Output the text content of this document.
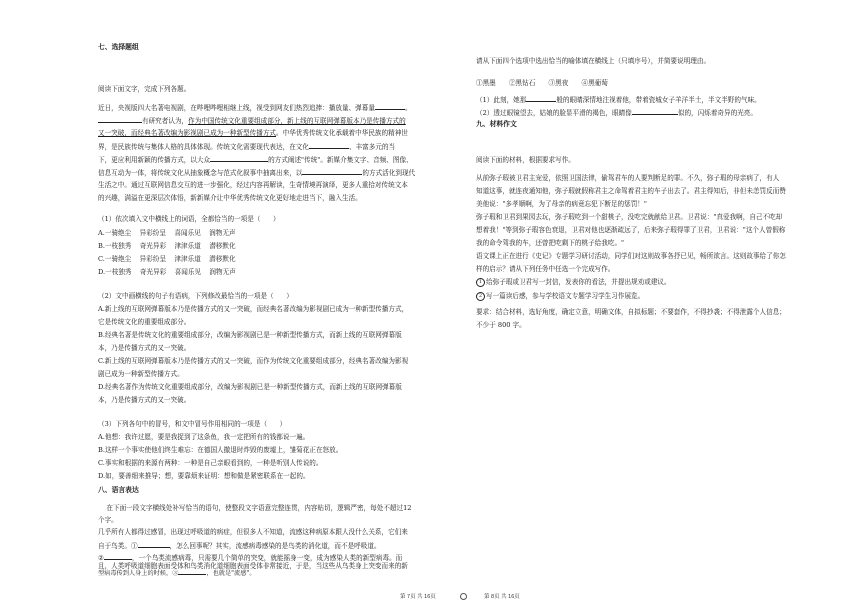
七、选择题组
阅读下面文字，完成下列各题。
近日，央视版四大名著电视剧，在哔哩哔哩相继上线，视受到网友们热烈追捧：播放量、弹幕量	。
有研究者认为，作为中国传统文化重要组成部分，新上线的互联网弹幕版本乃是传播方式的
又一突破，而经典名著改编为影视剧已成为一种新型传播方式。中华优秀传统文化承载着中华民族的精神世
界，是民族传统与集体人格的具体体现。传统文化需要现代表达，在文化	、丰富多元的当
下，更应利用新颖的传播方式，以大众	的方式阐述"传统"。新媒介集文字、音频、图像、
信息互动为一体，将传统文化从抽象概念与范式化叙事中抽离出来，以	的方式活化到现代
生活之中。通过互联网信息交互的进一步强化，经过内容再解读，生奇情境再演绎，更多人重拾对传统文本
的兴趣，满溢在更深层次体悟，新新媒介让中华优秀传统文化更好地走进当下，融入生活。
（1）依次填入文中横线上的词语，全都恰当的一项是（      ）
A.一骑绝尘    异彩纷呈    喜闻乐见    润物无声
B.一枝独秀    奇光异彩    津津乐道    潜移默化
C.一骑绝尘    异彩纷呈    津津乐道    潜移默化
D.一枝独秀    奇光异彩    喜闻乐见    润物无声
（2）文中画横线的句子有语病，下列修改最恰当的一项是（      ）
A.新上线的互联网弹幕版本乃是传播方式的又一突破，而经典名著改编为影视剧已成为一种新型传播方式，
它是传统文化的重要组成部分。
B.经典名著是传统文化的重要组成部分，改编为影视剧已是一种新型传播方式，而新上线的互联网弹幕版
本，乃是传播方式的又一突破。
C.新上线的互联网弹幕版本乃是传播方式的又一突破，而作为传统文化重要组成部分，经典名著改编为影视
剧已成为一种新型传播方式。
D.经典名著作为传统文化重要组成部分，改编为影视剧已是一种新型传播方式，而新上线的互联网弹幕版
本，乃是传播方式的又一突破。
（3）下列各句中的冒号，和文中冒号作用相同的一项是（      ）
A.他想：我许过愿，要是我捉到了这条鱼，我一定把所有的钱都说一遍。
B.这样一个事实使他们终生难忘：在德国人撤退时炸毁的废墟上，雏菊花正在怒放。
C.事实和根据的来源有两种：一种是自己亲眼看到的，一种是听别人传说的。
D.如，要善细来推导；想，要靠烦来证明：想和做是紧密联系在一起的。
八、语言表达
在下面一段文字横线处补写恰当的语句，使整段文字语意完整连贯，内容贴切，逻辑严密，每处不超过12
个字。
几乎所有人都得过感冒，出现过呼吸道的病症，但很多人不知道，流感这种病原本跟人没什么关系，它们来
自于鸟类。①	，怎么回事呢？其实，流感病毒感染的是鸟类的消化道，而不是呼吸道。
②	，一个鸟类流感病毒，只需要几个简单的突变，就能摇身一变，成为感染人类的新型病毒。而
且，人类呼吸道细胞表面受体和鸟类消化道细胞表面受体非常接近，于是，当这些从鸟类身上突变而来的新
型病毒传到人身上的时候，③	，也就是"流感"。
请从下面四个选项中选出恰当的喻体填在横线上（只填序号），并简要说明理由。
①黑墨　　 ②黑钻石　　 ③黑夜　　 ④黑葡萄
（1）此刻，她那	般的眼睛深情地注视着他，带着瓷城女子羊洋半土，半文半野的气味。
（2）透过眼镜望去，姑娘的脸显平滑的褐色，眼睛像	似的，闪烁着奇异的光亮。
九、材料作文
阅读下面的材料，根据要求写作。
从前弥子瑕被卫君主宠爱，依照卫国法律，偷驾君车的人要判断足的罪。不久，弥子瑕的母亲病了，有人
知道这事，就连夜通知他，弥子瑕就假称君主之命驾着君主的车子出去了。君主得知后，非但未恙罚反而赞
美他说："多孝顺啊，为了母亲的病竟忘犯下断足的惩罚！"
弥子瑕和卫君到果园去玩，弥子瑕吃到一个甜桃子，没吃完就献给卫君。卫君说："真爱我啊，自己不吃却
想着我！"等到弥子瑕容色衰退，卫君对他也逐渐疏远了，后来弥子瑕得罪了卫君，卫君说："这个人曾假称
我的命令驾我的车，还曾把吃剩下的桃子给我吃。"
语文课上正在进行《史记》专题学习研讨活动，同学们对这则故事各抒已见，畅所欲言。这则故事给了你怎
样的启示？请从下列任务中任选一个完成写作。
1 给弥子瑕或卫君写一封信，发表你的看法，并提出规劝或建议。
2 写一篇读后感，参与学校语文专题学习学生习作展览。
要求：结合材料，选好角度，确定立意，明确文体，自拟标题；不要套作，不得抄袭；不得泄露个人信息；
不少于 800 字。
第 7页 共 16页	第 8页 共 16页
